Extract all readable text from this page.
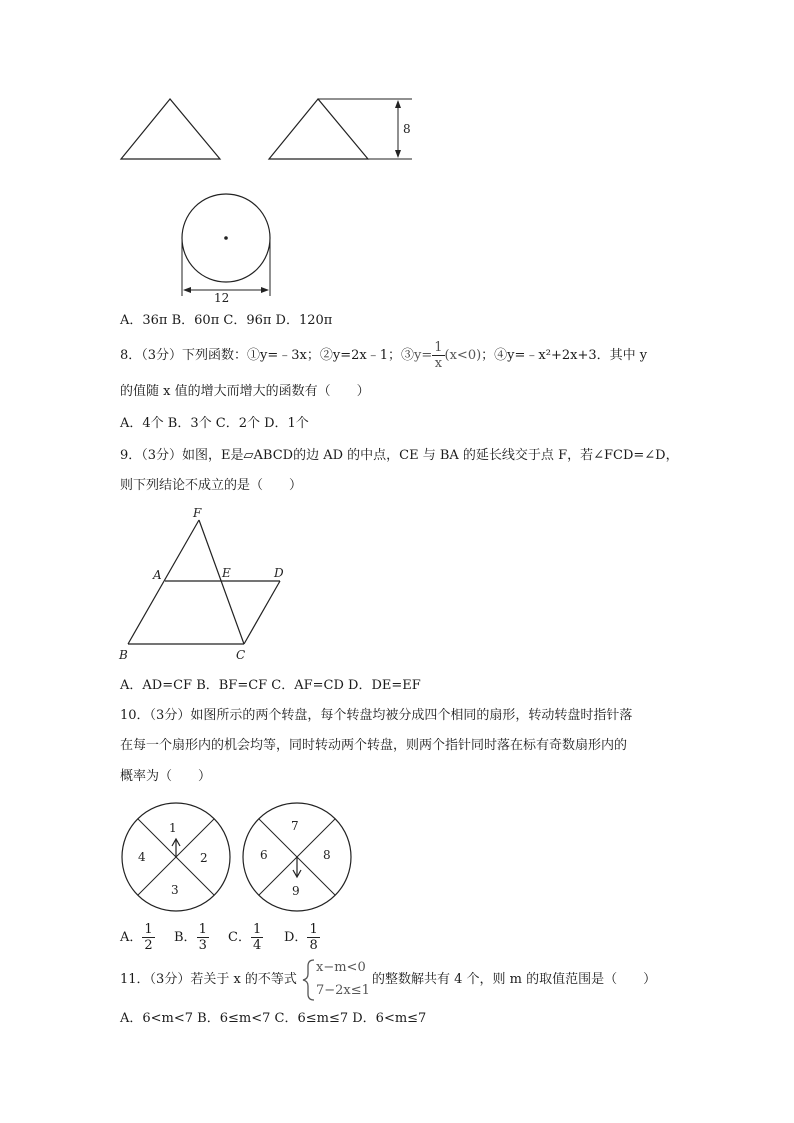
8
12
F
A	E	D
B	C
1
2
3
4
7
8
9
6
A．36π B．60π C．96π D．120π
8．（3分）下列函数：①y=﹣3x；②y=2x﹣1；③y= $\frac{1}{x} (x<0)$；④y=﹣x²+2x+3．其中 y
的值随 x 值的增大而增大的函数有（　　）
A．4个 B．3个 C．2个 D．1个
9．（3分）如图，E是▱ABCD的边 AD 的中点，CE 与 BA 的延长线交于点 F，若∠FCD=∠D，
则下列结论不成立的是（　　）
A．AD=CF B．BF=CF C．AF=CD D．DE=EF
10．（3分）如图所示的两个转盘，每个转盘均被分成四个相同的扇形，转动转盘时指针落
在每一个扇形内的机会均等，同时转动两个转盘，则两个指针同时落在标有奇数扇形内的
概率为（　　）
A． $\frac{1}{2}$ B． $\frac{1}{3}$ C． $\frac{1}{4}$ D． $\frac{1}{8}$
11．（3分）若关于 x 的不等式
x−m<0
7−2x≤1
的整数解共有 4 个，则 m 的取值范围是（　　）
A．6<m<7 B．6≤m<7 C．6≤m≤7 D．6<m≤7
